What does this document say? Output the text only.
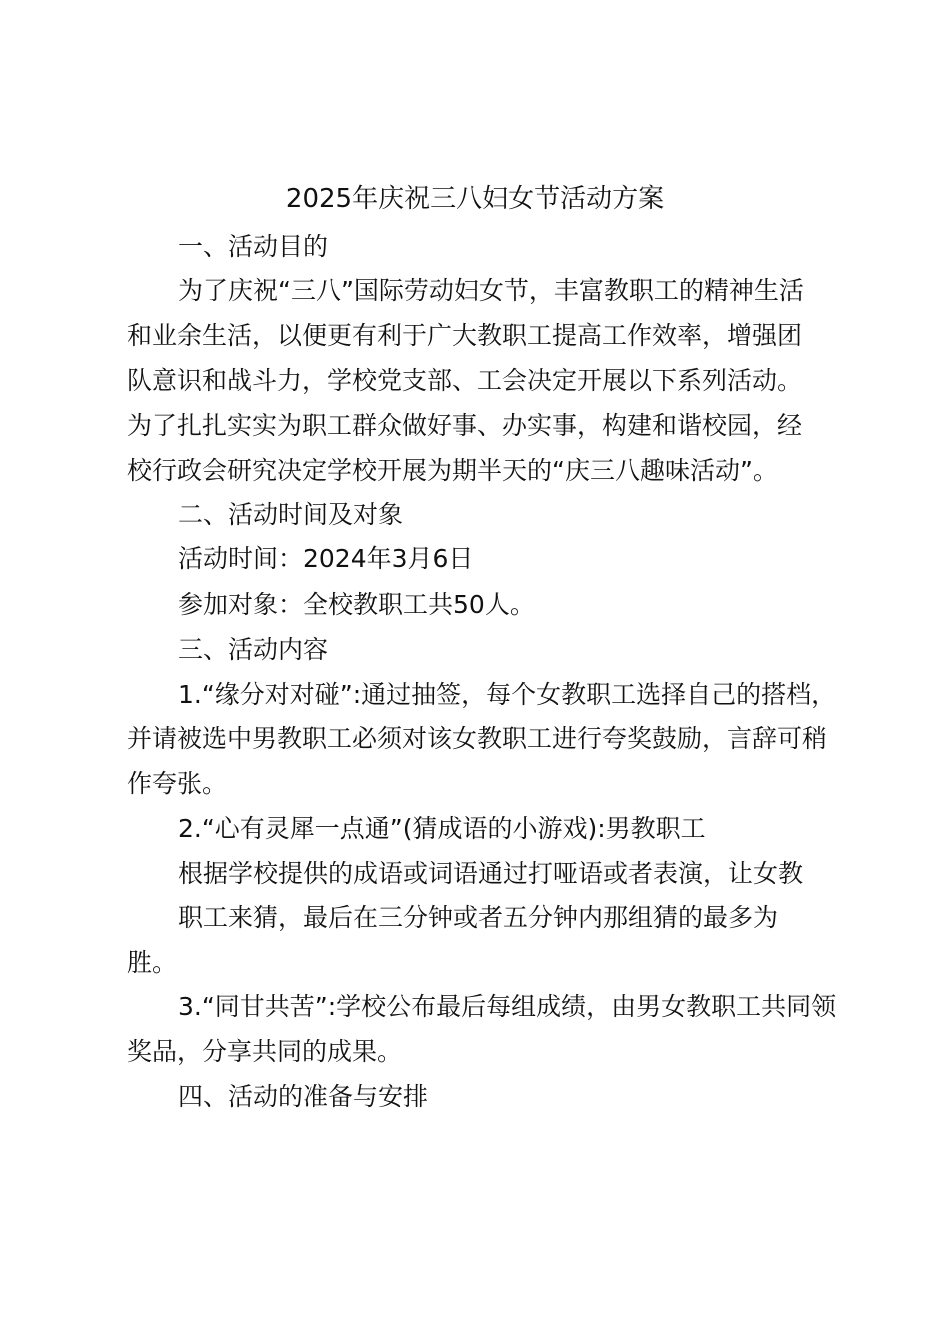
2025年庆祝三八妇女节活动方案
一、活动目的
为了庆祝“三八”国际劳动妇女节，丰富教职工的精神生活
和业余生活，以便更有利于广大教职工提高工作效率，增强团
队意识和战斗力，学校党支部、工会决定开展以下系列活动。
为了扎扎实实为职工群众做好事、办实事，构建和谐校园，经
校行政会研究决定学校开展为期半天的“庆三八趣味活动”。
二、活动时间及对象
活动时间：2024年3月6日
参加对象：全校教职工共50人。
三、活动内容
1.“缘分对对碰”:通过抽签，每个女教职工选择自己的搭档，
并请被选中男教职工必须对该女教职工进行夸奖鼓励，言辞可稍
作夸张。
2.“心有灵犀一点通”(猜成语的小游戏):男教职工
根据学校提供的成语或词语通过打哑语或者表演，让女教
职工来猜，最后在三分钟或者五分钟内那组猜的最多为
胜。
3.“同甘共苦”:学校公布最后每组成绩，由男女教职工共同领
奖品，分享共同的成果。
四、活动的准备与安排
